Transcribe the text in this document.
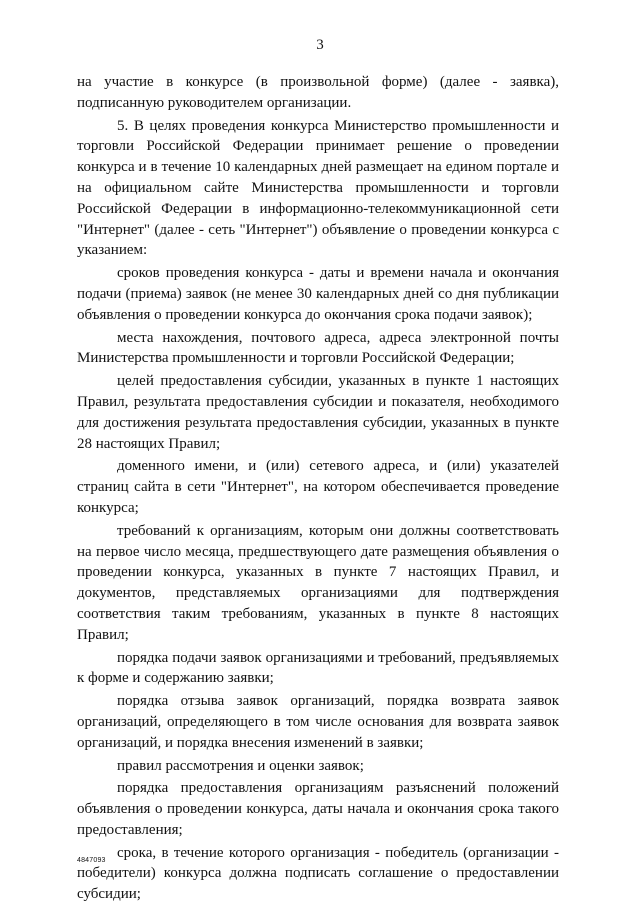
3

на участие в конкурсе (в произвольной форме) (далее - заявка), подписанную руководителем организации.

5. В целях проведения конкурса Министерство промышленности и торговли Российской Федерации принимает решение о проведении конкурса и в течение 10 календарных дней размещает на едином портале и на официальном сайте Министерства промышленности и торговли Российской Федерации в информационно-телекоммуникационной сети "Интернет" (далее - сеть "Интернет") объявление о проведении конкурса с указанием:

сроков проведения конкурса - даты и времени начала и окончания подачи (приема) заявок (не менее 30 календарных дней со дня публикации объявления о проведении конкурса до окончания срока подачи заявок);

места нахождения, почтового адреса, адреса электронной почты Министерства промышленности и торговли Российской Федерации;

целей предоставления субсидии, указанных в пункте 1 настоящих Правил, результата предоставления субсидии и показателя, необходимого для достижения результата предоставления субсидии, указанных в пункте 28 настоящих Правил;

доменного имени, и (или) сетевого адреса, и (или) указателей страниц сайта в сети "Интернет", на котором обеспечивается проведение конкурса;

требований к организациям, которым они должны соответствовать на первое число месяца, предшествующего дате размещения объявления о проведении конкурса, указанных в пункте 7 настоящих Правил, и документов, представляемых организациями для подтверждения соответствия таким требованиям, указанных в пункте 8 настоящих Правил;

порядка подачи заявок организациями и требований, предъявляемых к форме и содержанию заявки;

порядка отзыва заявок организаций, порядка возврата заявок организаций, определяющего в том числе основания для возврата заявок организаций, и порядка внесения изменений в заявки;

правил рассмотрения и оценки заявок;

порядка предоставления организациям разъяснений положений объявления о проведении конкурса, даты начала и окончания срока такого предоставления;

срока, в течение которого организация - победитель (организации - победители) конкурса должна подписать соглашение о предоставлении субсидии;

4847093
